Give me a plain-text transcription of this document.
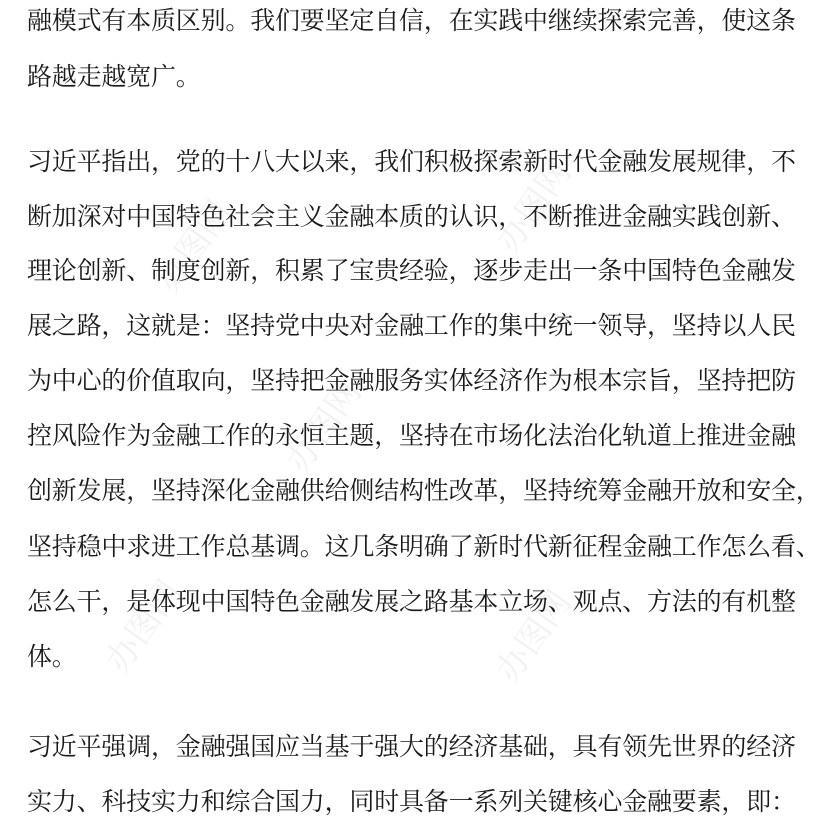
办图网	办图网
办图网
办图网	办图网
融模式有本质区别。我们要坚定自信，在实践中继续探索完善，使这条
路越走越宽广。
习近平指出，党的十八大以来，我们积极探索新时代金融发展规律，不
断加深对中国特色社会主义金融本质的认识，不断推进金融实践创新、
理论创新、制度创新，积累了宝贵经验，逐步走出一条中国特色金融发
展之路，这就是：坚持党中央对金融工作的集中统一领导，坚持以人民
为中心的价值取向，坚持把金融服务实体经济作为根本宗旨，坚持把防
控风险作为金融工作的永恒主题，坚持在市场化法治化轨道上推进金融
创新发展，坚持深化金融供给侧结构性改革，坚持统筹金融开放和安全，
坚持稳中求进工作总基调。这几条明确了新时代新征程金融工作怎么看、
怎么干，是体现中国特色金融发展之路基本立场、观点、方法的有机整
体。
习近平强调，金融强国应当基于强大的经济基础，具有领先世界的经济
实力、科技实力和综合国力，同时具备一系列关键核心金融要素，即：
